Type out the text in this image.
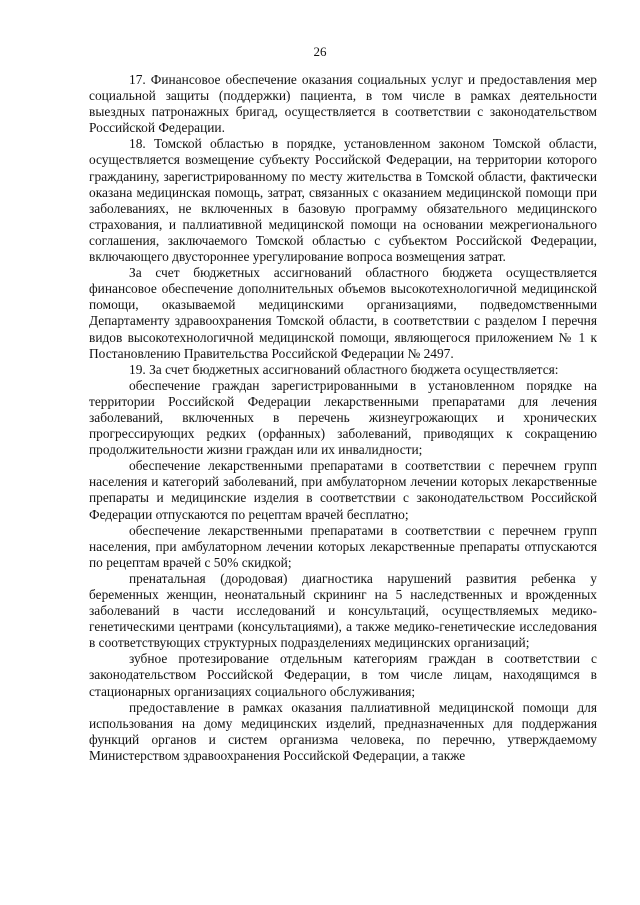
26

17. Финансовое обеспечение оказания социальных услуг и предоставления мер социальной защиты (поддержки) пациента, в том числе в рамках деятельности выездных патронажных бригад, осуществляется в соответствии с законодательством Российской Федерации.

18. Томской областью в порядке, установленном законом Томской области, осуществляется возмещение субъекту Российской Федерации, на территории которого гражданину, зарегистрированному по месту жительства в Томской области, фактически оказана медицинская помощь, затрат, связанных с оказанием медицинской помощи при заболеваниях, не включенных в базовую программу обязательного медицинского страхования, и паллиативной медицинской помощи на основании межрегионального соглашения, заключаемого Томской областью с субъектом Российской Федерации, включающего двустороннее урегулирование вопроса возмещения затрат.

За счет бюджетных ассигнований областного бюджета осуществляется финансовое обеспечение дополнительных объемов высокотехнологичной медицинской помощи, оказываемой медицинскими организациями, подведомственными Департаменту здравоохранения Томской области, в соответствии с разделом I перечня видов высокотехнологичной медицинской помощи, являющегося приложением № 1 к Постановлению Правительства Российской Федерации № 2497.

19. За счет бюджетных ассигнований областного бюджета осуществляется:

обеспечение граждан зарегистрированными в установленном порядке на территории Российской Федерации лекарственными препаратами для лечения заболеваний, включенных в перечень жизнеугрожающих и хронических прогрессирующих редких (орфанных) заболеваний, приводящих к сокращению продолжительности жизни граждан или их инвалидности;

обеспечение лекарственными препаратами в соответствии с перечнем групп населения и категорий заболеваний, при амбулаторном лечении которых лекарственные препараты и медицинские изделия в соответствии с законодательством Российской Федерации отпускаются по рецептам врачей бесплатно;

обеспечение лекарственными препаратами в соответствии с перечнем групп населения, при амбулаторном лечении которых лекарственные препараты отпускаются по рецептам врачей с 50% скидкой;

пренатальная (дородовая) диагностика нарушений развития ребенка у беременных женщин, неонатальный скрининг на 5 наследственных и врожденных заболеваний в части исследований и консультаций, осуществляемых медико-генетическими центрами (консультациями), а также медико-генетические исследования в соответствующих структурных подразделениях медицинских организаций;

зубное протезирование отдельным категориям граждан в соответствии с законодательством Российской Федерации, в том числе лицам, находящимся в стационарных организациях социального обслуживания;

предоставление в рамках оказания паллиативной медицинской помощи для использования на дому медицинских изделий, предназначенных для поддержания функций органов и систем организма человека, по перечню, утверждаемому Министерством здравоохранения Российской Федерации, а также
